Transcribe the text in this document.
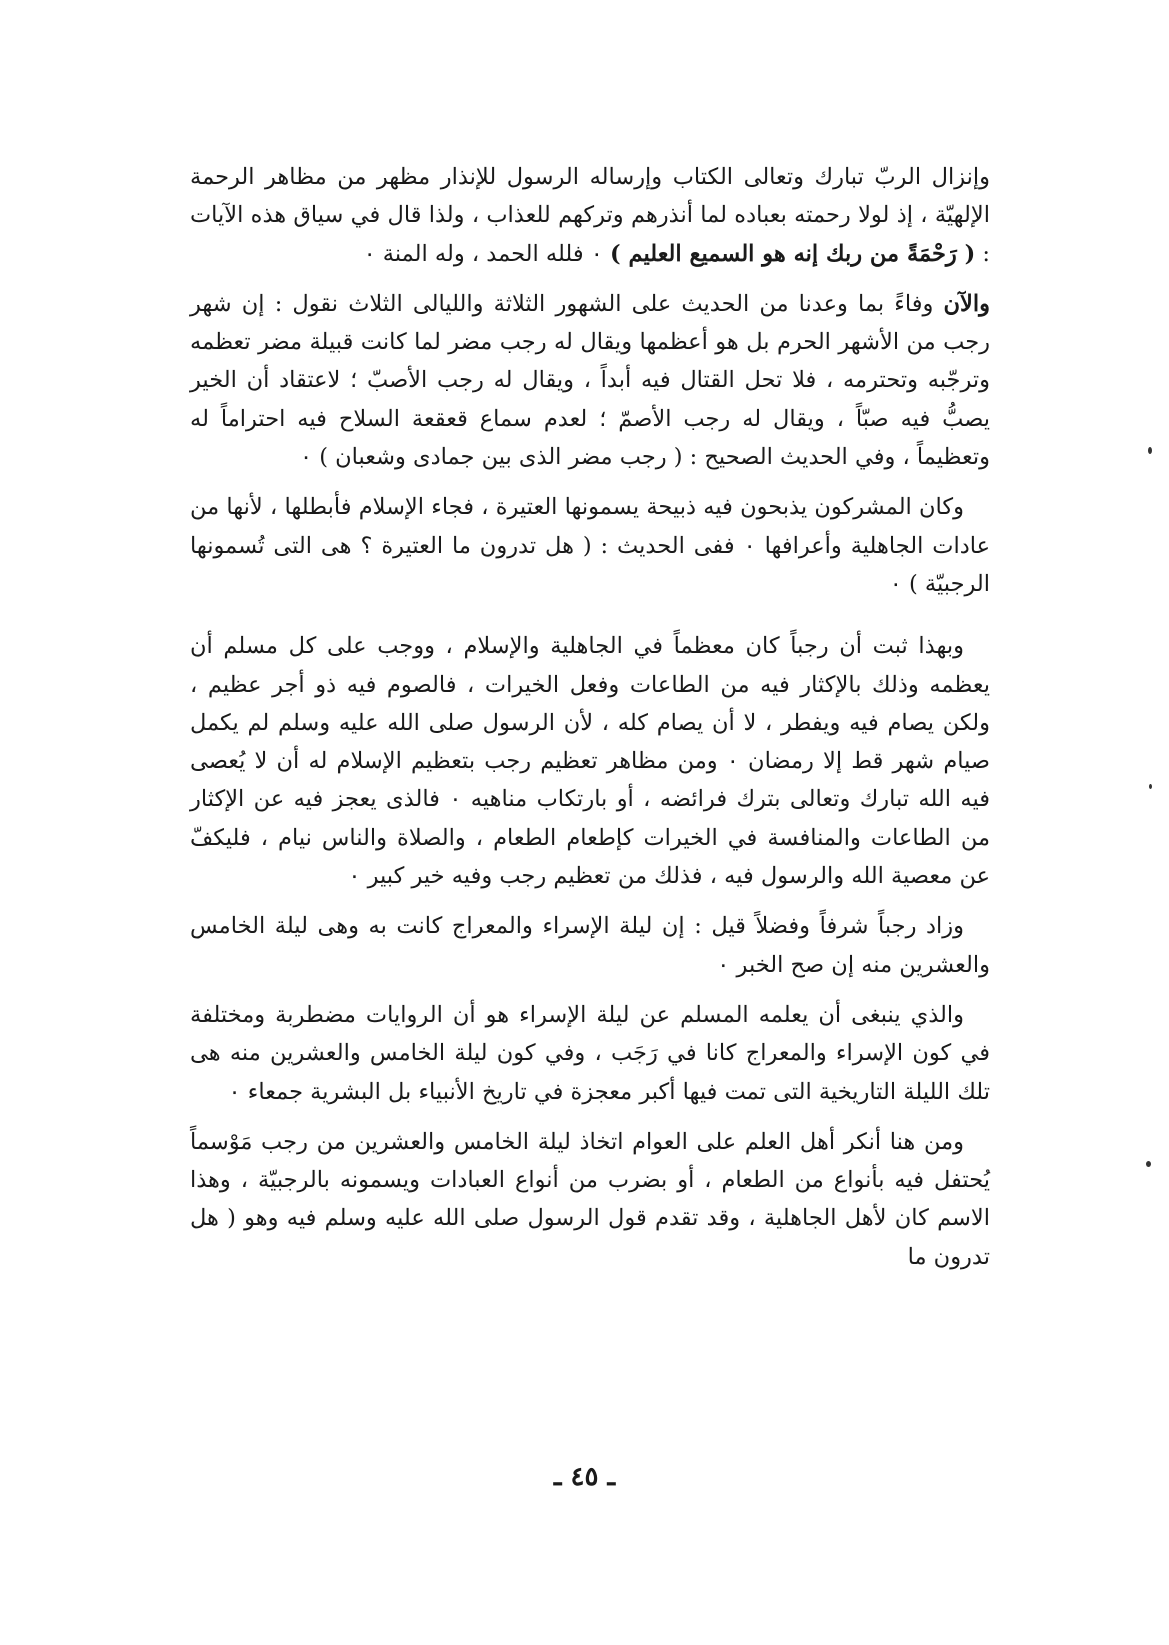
وإنزال الربّ تبارك وتعالى الكتاب وإرساله الرسول للإنذار مظهر من مظاهر الرحمة الإلهيّة ، إذ لولا رحمته بعباده لما أنذرهم وتركهم للعذاب ، ولذا قال في سياق هذه الآيات : ( رَحْمَةً من ربك إنه هو السميع العليم ) ٠ فلله الحمد ، وله المنة ٠

والآن وفاءً بما وعدنا من الحديث على الشهور الثلاثة والليالى الثلاث نقول : إن شهر رجب من الأشهر الحرم بل هو أعظمها ويقال له رجب مضر لما كانت قبيلة مضر تعظمه وترجّبه وتحترمه ، فلا تحل القتال فيه أبداً ، ويقال له رجب الأصبّ ؛ لاعتقاد أن الخير يصبُّ فيه صبّاً ، ويقال له رجب الأصمّ ؛ لعدم سماع قعقعة السلاح فيه احتراماً له وتعظيماً ، وفي الحديث الصحيح : ( رجب مضر الذى بين جمادى وشعبان ) ٠

وكان المشركون يذبحون فيه ذبيحة يسمونها العتيرة ، فجاء الإسلام فأبطلها ، لأنها من عادات الجاهلية وأعرافها ٠ ففى الحديث : ( هل تدرون ما العتيرة ؟ هى التى تُسمونها الرجبيّة ) ٠

وبهذا ثبت أن رجباً كان معظماً في الجاهلية والإسلام ، ووجب على كل مسلم أن يعظمه وذلك بالإكثار فيه من الطاعات وفعل الخيرات ، فالصوم فيه ذو أجر عظيم ، ولكن يصام فيه ويفطر ، لا أن يصام كله ، لأن الرسول صلى الله عليه وسلم لم يكمل صيام شهر قط إلا رمضان ٠ ومن مظاهر تعظيم رجب بتعظيم الإسلام له أن لا يُعصى فيه الله تبارك وتعالى بترك فرائضه ، أو بارتكاب مناهيه ٠ فالذى يعجز فيه عن الإكثار من الطاعات والمنافسة في الخيرات كإطعام الطعام ، والصلاة والناس نيام ، فليكفّ عن معصية الله والرسول فيه ، فذلك من تعظيم رجب وفيه خير كبير ٠

وزاد رجباً شرفاً وفضلاً قيل : إن ليلة الإسراء والمعراج كانت به وهى ليلة الخامس والعشرين منه إن صح الخبر ٠

والذي ينبغى أن يعلمه المسلم عن ليلة الإسراء هو أن الروايات مضطربة ومختلفة في كون الإسراء والمعراج كانا في رَجَب ، وفي كون ليلة الخامس والعشرين منه هى تلك الليلة التاريخية التى تمت فيها أكبر معجزة في تاريخ الأنبياء بل البشرية جمعاء ٠

ومن هنا أنكر أهل العلم على العوام اتخاذ ليلة الخامس والعشرين من رجب مَوْسماً يُحتفل فيه بأنواع من الطعام ، أو بضرب من أنواع العبادات ويسمونه بالرجبيّة ، وهذا الاسم كان لأهل الجاهلية ، وقد تقدم قول الرسول صلى الله عليه وسلم فيه وهو ( هل تدرون ما

ـ ٤٥ ـ
